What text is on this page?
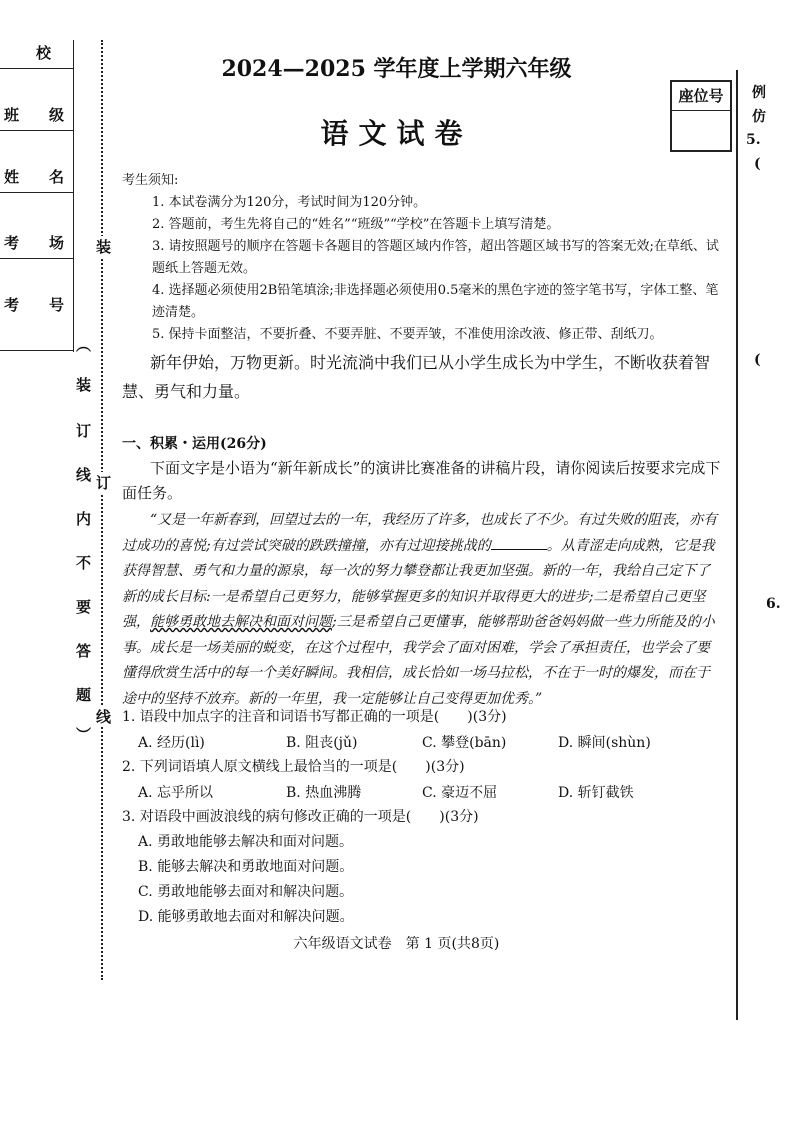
校
班　　级
姓　　名
考　　场
考　　号
︵
装
订
线
内
不
要
答
题
︶
装
订
线
例
仿
5.
(
(
6.
2024—2025 学年度上学期六年级
语文试卷
座位号
考生须知:
1. 本试卷满分为120分，考试时间为120分钟。
2. 答题前，考生先将自己的“姓名”“班级”“学校”在答题卡上填写清楚。
3. 请按照题号的顺序在答题卡各题目的答题区域内作答，超出答题区域书写的答案无效;在草纸、试题纸上答题无效。
4. 选择题必须使用2B铅笔填涂;非选择题必须使用0.5毫米的黑色字迹的签字笔书写，字体工整、笔迹清楚。
5. 保持卡面整洁，不要折叠、不要弄脏、不要弄皱，不准使用涂改液、修正带、刮纸刀。
新年伊始，万物更新。时光流淌中我们已从小学生成长为中学生，不断收获着智慧、勇气和力量。
一、积累・运用(26分)
下面文字是小语为“新年新成长”的演讲比赛准备的讲稿片段，请你阅读后按要求完成下面任务。
“又是一年新春到，回望过去的一年，我经历了许多，也成长了不少。有过失败的阻丧，亦有过成功的喜悦;有过尝试突破的跌跌撞撞，亦有过迎接挑战的	。从青涩走向成熟，它是我获得智慧、勇气和力量的源泉，每一次的努力攀登都让我更加坚强。新的一年，我给自己定下了新的成长目标:一是希望自己更努力，能够掌握更多的知识并取得更大的进步;二是希望自己更坚强，能够勇敢地去解决和面对问题;三是希望自己更懂事，能够帮助爸爸妈妈做一些力所能及的小事。成长是一场美丽的蜕变，在这个过程中，我学会了面对困难，学会了承担责任，也学会了要懂得欣赏生活中的每一个美好瞬间。我相信，成长恰如一场马拉松，不在于一时的爆发，而在于途中的坚持不放弃。新的一年里，我一定能够让自己变得更加优秀。”
1. 语段中加点字的注音和词语书写都正确的一项是(　　)(3分)
A. 经历(lì)	B. 阻丧(jǔ)	C. 攀登(bān)	D. 瞬间(shùn)
2. 下列词语填人原文横线上最恰当的一项是(　　)(3分)
A. 忘乎所以	B. 热血沸腾	C. 豪迈不屈	D. 斩钉截铁
3. 对语段中画波浪线的病句修改正确的一项是(　　)(3分)
A. 勇敢地能够去解决和面对问题。
B. 能够去解决和勇敢地面对问题。
C. 勇敢地能够去面对和解决问题。
D. 能够勇敢地去面对和解决问题。
六年级语文试卷　第 1 页(共8页)
